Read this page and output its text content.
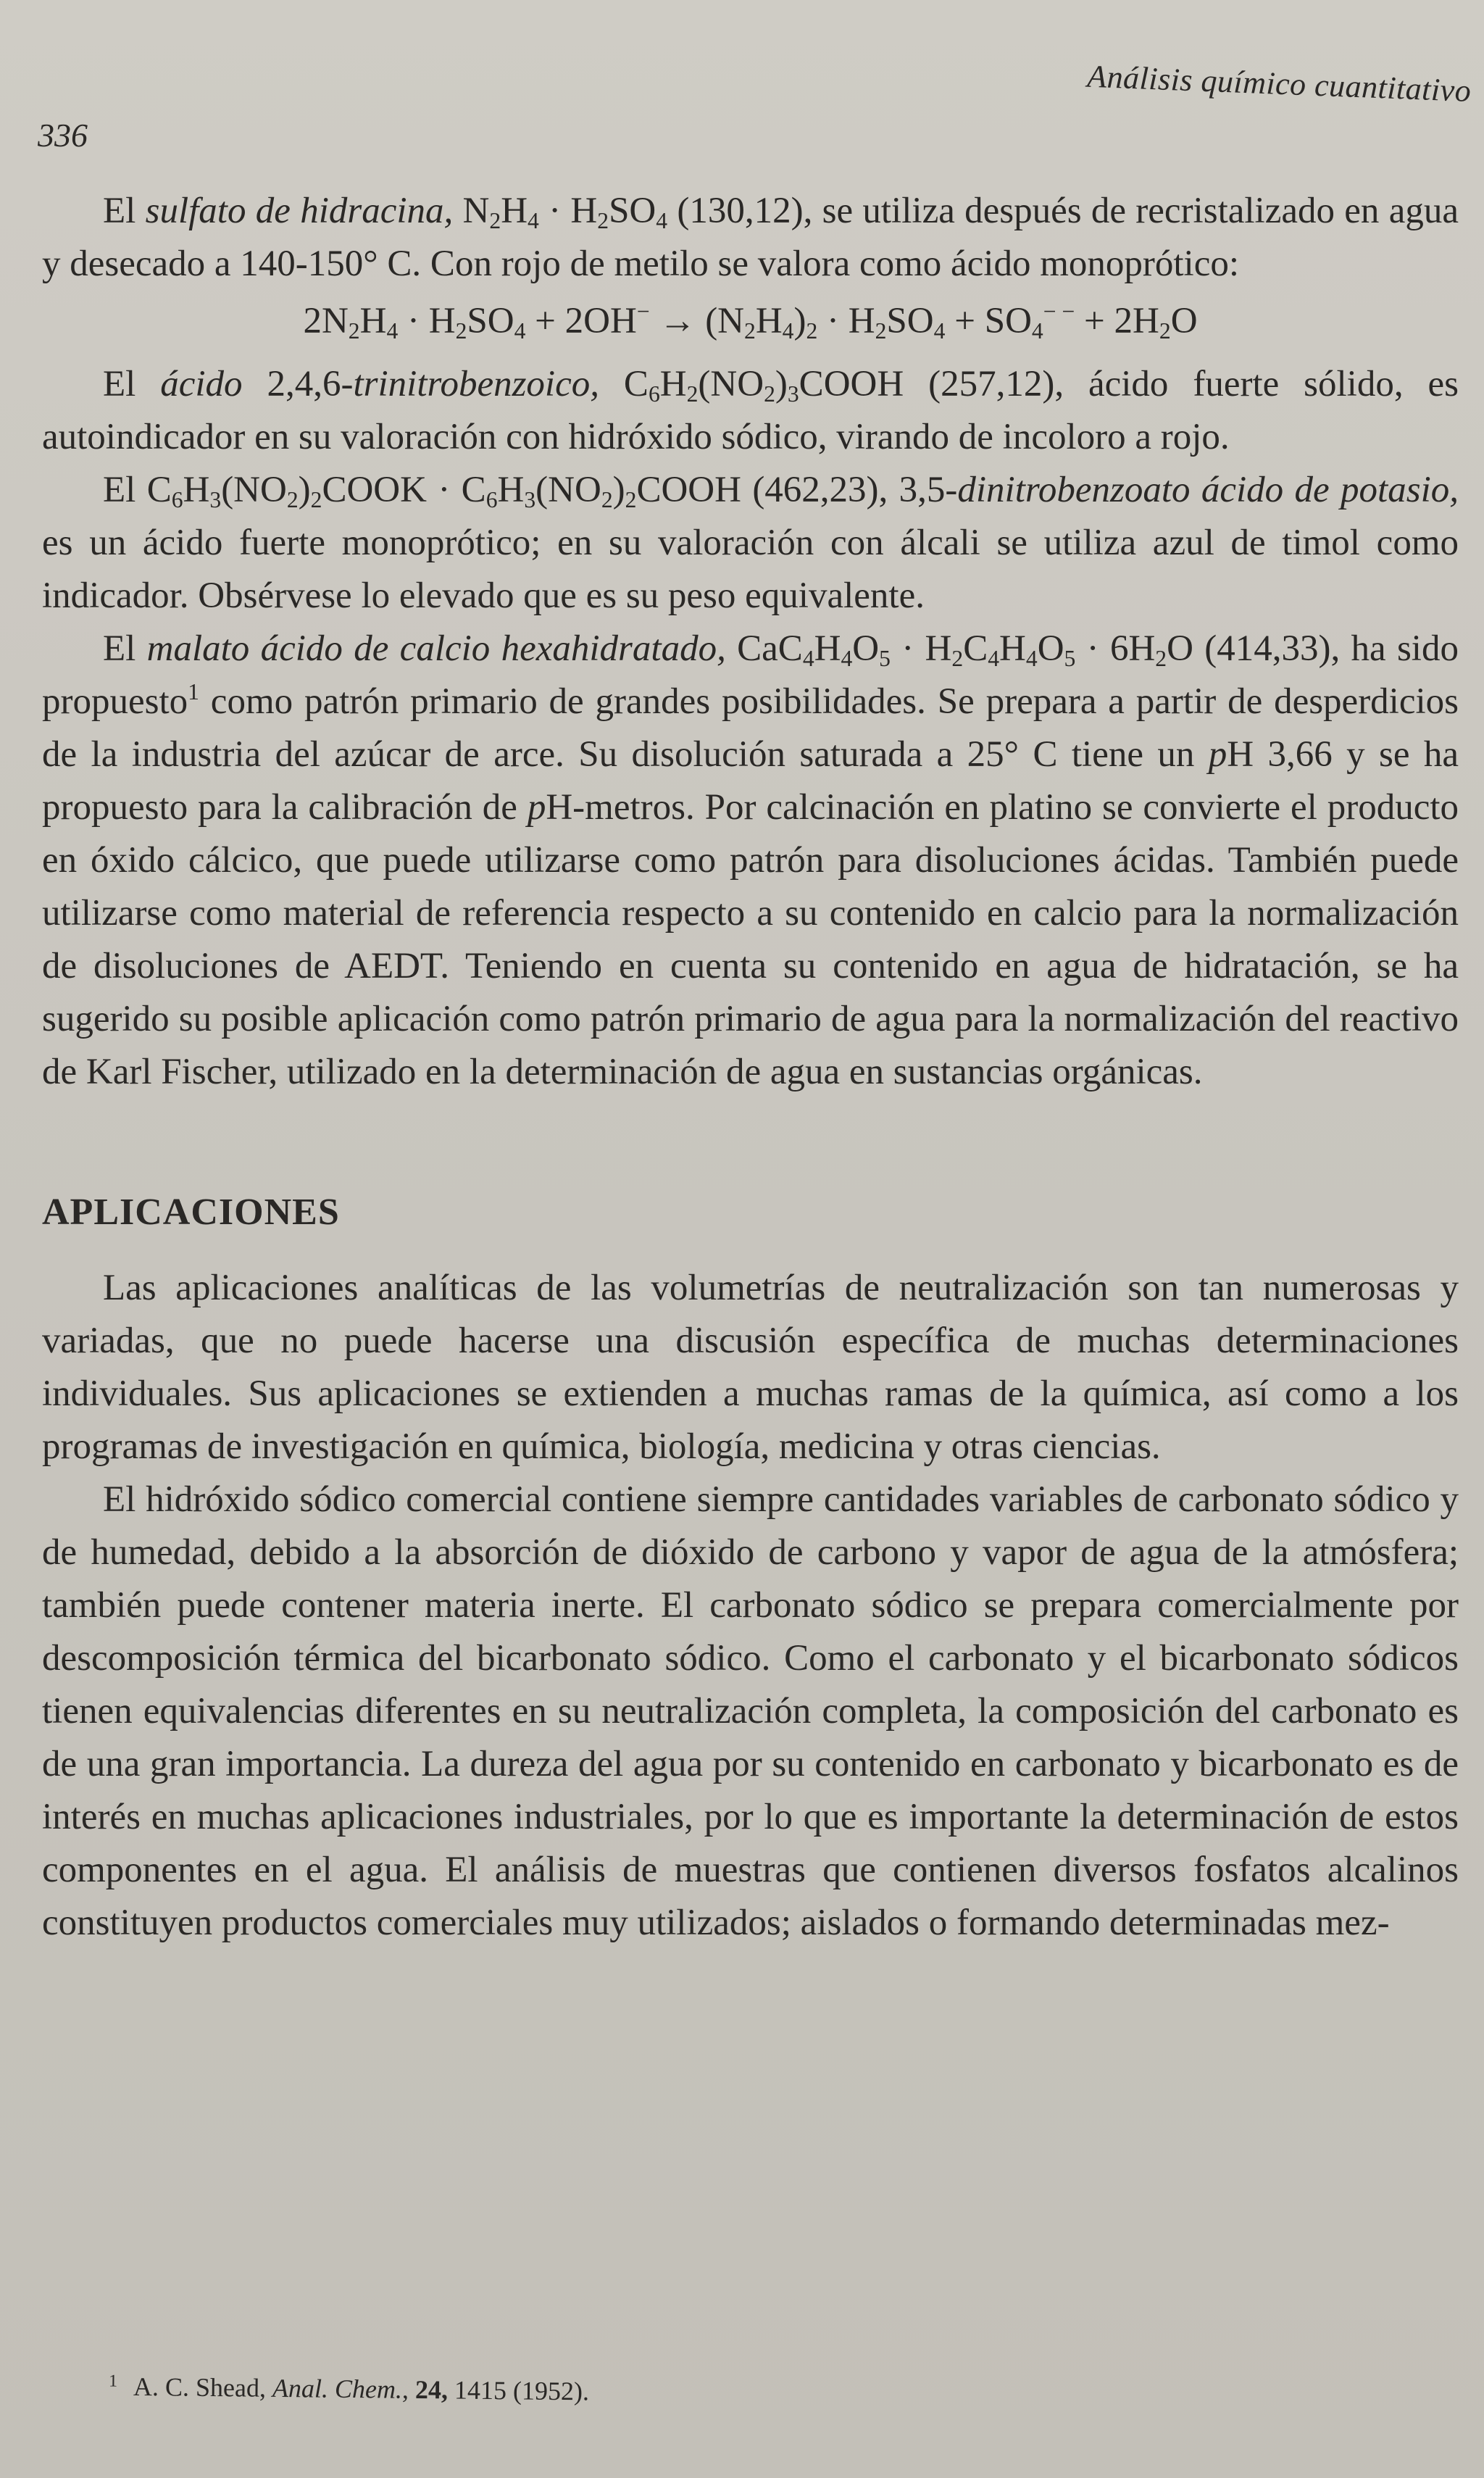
Análisis químico cuantitativo
336

El sulfato de hidracina, $N_2H_4 \cdot H_2SO_4$ (130,12), se utiliza después de recristalizado en agua y desecado a 140-150° C. Con rojo de metilo se valora como ácido monoprótico:

$2N_2H_4 \cdot H_2SO_4 + 2OH^- \to (N_2H_4)_2 \cdot H_2SO_4 + SO_4^{- -} + 2H_2O$

El ácido 2,4,6-trinitrobenzoico, $C_6H_2(NO_2)_3COOH$ (257,12), ácido fuerte sólido, es autoindicador en su valoración con hidróxido sódico, virando de incoloro a rojo.

El $C_6H_3(NO_2)_2COOK$ · $C_6H_3(NO_2)_2COOH$ (462,23), 3,5-dinitrobenzoato ácido de potasio, es un ácido fuerte monoprótico; en su valoración con álcali se utiliza azul de timol como indicador. Obsérvese lo elevado que es su peso equivalente.

El malato ácido de calcio hexahidratado, $CaC_4H_4O_5 \cdot H_2C_4H_4O_5 \cdot 6H_2O$ (414,33), ha sido propuesto$^1$ como patrón primario de grandes posibilidades. Se prepara a partir de desperdicios de la industria del azúcar de arce. Su disolución saturada a 25° C tiene un pH 3,66 y se ha propuesto para la calibración de pH-metros. Por calcinación en platino se convierte el producto en óxido cálcico, que puede utilizarse como patrón para disoluciones ácidas. También puede utilizarse como material de referencia respecto a su contenido en calcio para la normalización de disoluciones de AEDT. Teniendo en cuenta su contenido en agua de hidratación, se ha sugerido su posible aplicación como patrón primario de agua para la normalización del reactivo de Karl Fischer, utilizado en la determinación de agua en sustancias orgánicas.

APLICACIONES

Las aplicaciones analíticas de las volumetrías de neutralización son tan numerosas y variadas, que no puede hacerse una discusión específica de muchas determinaciones individuales. Sus aplicaciones se extienden a muchas ramas de la química, así como a los programas de investigación en química, biología, medicina y otras ciencias.

El hidróxido sódico comercial contiene siempre cantidades variables de carbonato sódico y de humedad, debido a la absorción de dióxido de carbono y vapor de agua de la atmósfera; también puede contener materia inerte. El carbonato sódico se prepara comercialmente por descomposición térmica del bicarbonato sódico. Como el carbonato y el bicarbonato sódicos tienen equivalencias diferentes en su neutralización completa, la composición del carbonato es de una gran importancia. La dureza del agua por su contenido en carbonato y bicarbonato es de interés en muchas aplicaciones industriales, por lo que es importante la determinación de estos componentes en el agua. El análisis de muestras que contienen diversos fosfatos alcalinos constituyen productos comerciales muy utilizados; aislados o formando determinadas mez-

$^1$ A. C. Shead, Anal. Chem., 24, 1415 (1952).
